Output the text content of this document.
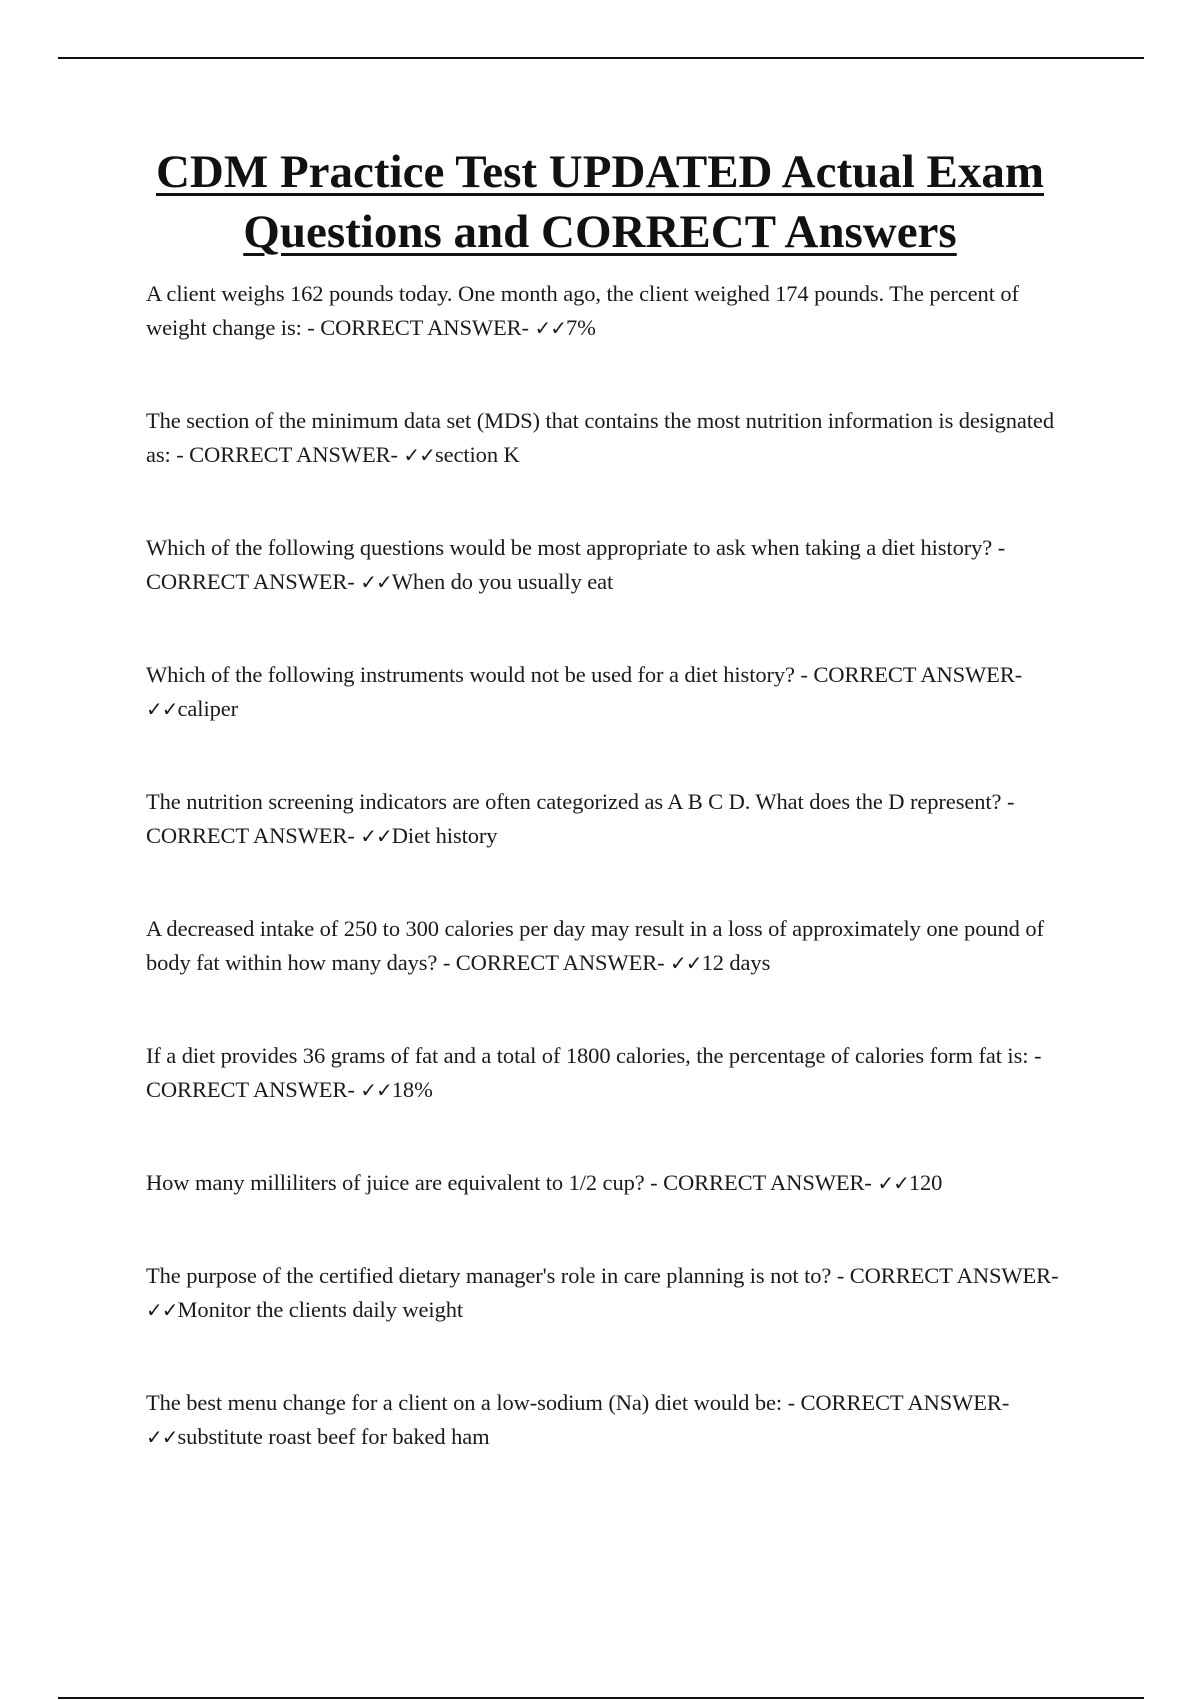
CDM Practice Test UPDATED Actual Exam Questions and CORRECT Answers
A client weighs 162 pounds today. One month ago, the client weighed 174 pounds. The percent of weight change is: - CORRECT ANSWER- ✓✓7%
The section of the minimum data set (MDS) that contains the most nutrition information is designated as: - CORRECT ANSWER- ✓✓section K
Which of the following questions would be most appropriate to ask when taking a diet history? - CORRECT ANSWER- ✓✓When do you usually eat
Which of the following instruments would not be used for a diet history? - CORRECT ANSWER- ✓✓caliper
The nutrition screening indicators are often categorized as A B C D. What does the D represent? - CORRECT ANSWER- ✓✓Diet history
A decreased intake of 250 to 300 calories per day may result in a loss of approximately one pound of body fat within how many days? - CORRECT ANSWER- ✓✓12 days
If a diet provides 36 grams of fat and a total of 1800 calories, the percentage of calories form fat is: - CORRECT ANSWER- ✓✓18%
How many milliliters of juice are equivalent to 1/2 cup? - CORRECT ANSWER- ✓✓120
The purpose of the certified dietary manager's role in care planning is not to? - CORRECT ANSWER- ✓✓Monitor the clients daily weight
The best menu change for a client on a low-sodium (Na) diet would be: - CORRECT ANSWER- ✓✓substitute roast beef for baked ham
